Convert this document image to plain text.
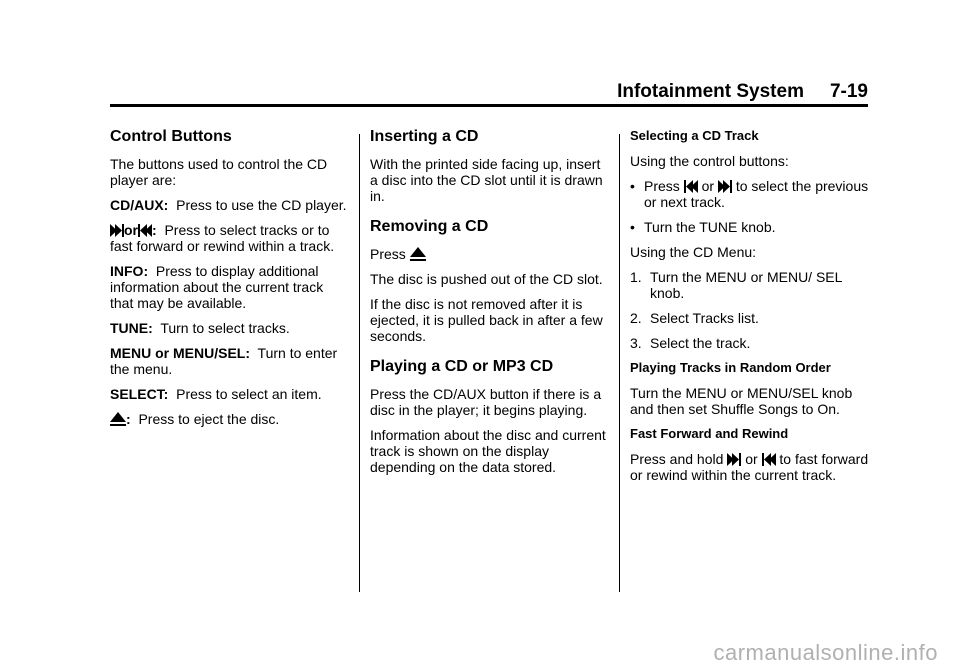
Infotainment System 7-19
Control Buttons

The buttons used to control the CD player are:

CD/AUX: Press to use the CD player.

or : Press to select tracks or to fast forward or rewind within a track.

INFO: Press to display additional information about the current track that may be available.

TUNE: Turn to select tracks.

MENU or MENU/SEL: Turn to enter the menu.

SELECT: Press to select an item.

: Press to eject the disc.

Inserting a CD

With the printed side facing up, insert a disc into the CD slot until it is drawn in.

Removing a CD

Press

The disc is pushed out of the CD slot.

If the disc is not removed after it is ejected, it is pulled back in after a few seconds.

Playing a CD or MP3 CD

Press the CD/AUX button if there is a disc in the player; it begins playing.

Information about the disc and current track is shown on the display depending on the data stored.

Selecting a CD Track

Using the control buttons:

• Press or to select the previous or next track.
• Turn the TUNE knob.

Using the CD Menu:

1. Turn the MENU or MENU/ SEL knob.
2. Select Tracks list.
3. Select the track.

Playing Tracks in Random Order

Turn the MENU or MENU/SEL knob and then set Shuffle Songs to On.

Fast Forward and Rewind

Press and hold or to fast forward or rewind within the current track.

carmanualsonline.info
